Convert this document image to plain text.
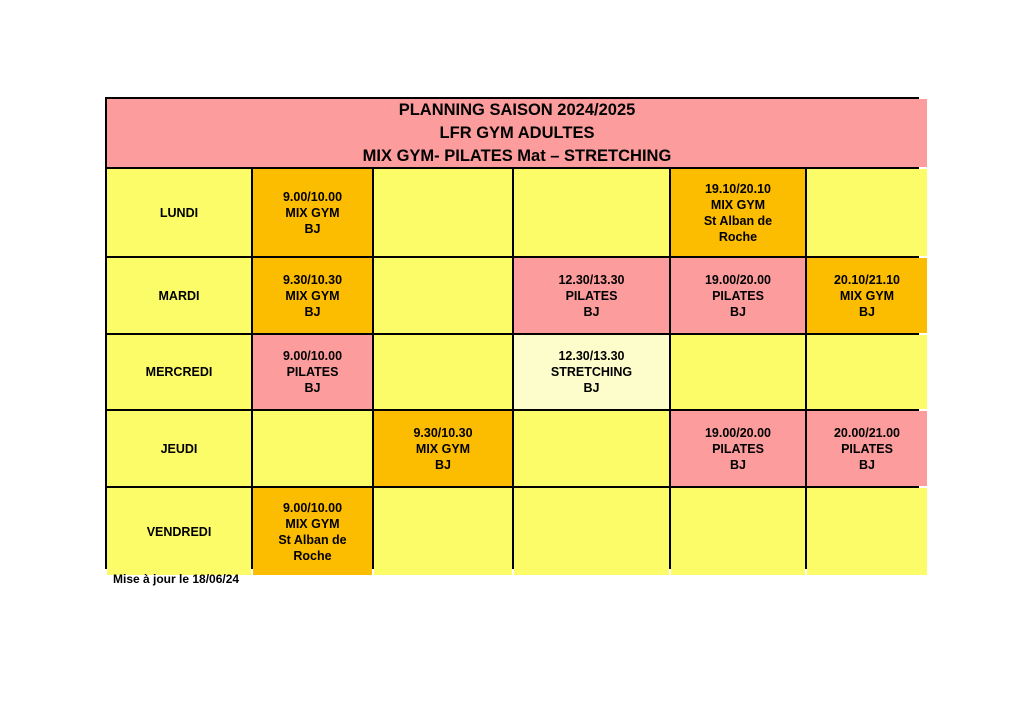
PLANNING SAISON 2024/2025
LFR GYM ADULTES
MIX GYM- PILATES Mat – STRETCHING
LUNDI
9.00/10.00
MIX GYM
BJ
19.10/20.10
MIX GYM
St Alban de
Roche
MARDI
9.30/10.30
MIX GYM
BJ
12.30/13.30
PILATES
BJ
19.00/20.00
PILATES
BJ
20.10/21.10
MIX GYM
BJ
MERCREDI
9.00/10.00
PILATES
BJ
12.30/13.30
STRETCHING
BJ
JEUDI
9.30/10.30
MIX GYM
BJ
19.00/20.00
PILATES
BJ
20.00/21.00
PILATES
BJ
VENDREDI
9.00/10.00
MIX GYM
St Alban de
Roche
Mise à jour le 18/06/24
